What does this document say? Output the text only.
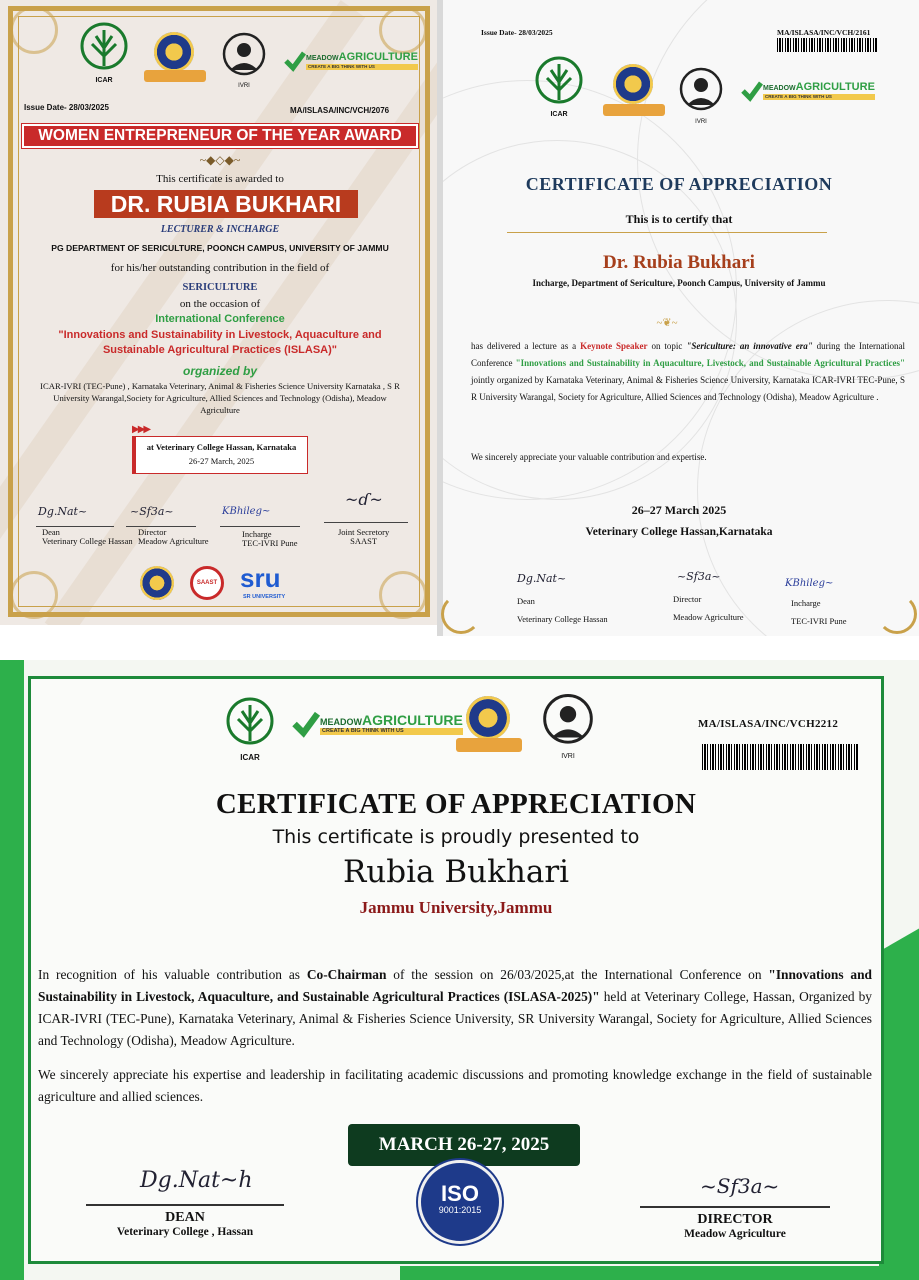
ICAR
IVRI
MEADOWAGRICULTURE
CREATE A BIG THINK WITH US
Issue Date- 28/03/2025	MA/ISLASA/INC/VCH/2076
WOMEN ENTREPRENEUR OF THE YEAR AWARD
~◆◇◆~
This certificate is awarded to
DR. RUBIA BUKHARI
LECTURER & INCHARGE
PG DEPARTMENT OF SERICULTURE, POONCH CAMPUS, UNIVERSITY OF JAMMU
for his/her outstanding contribution in the field of
SERICULTURE
on the occasion of
International Conference
"Innovations and Sustainability in Livestock, Aquaculture and Sustainable Agricultural Practices (ISLASA)"
organized by
ICAR-IVRI (TEC-Pune) , Karnataka Veterinary, Animal & Fisheries Science University Karnataka , S R University Warangal,Society for Agriculture, Allied Sciences and Technology (Odisha), Meadow Agriculture
▶▶▶
at Veterinary College Hassan, Karnataka
26-27 March, 2025
Dg.Nat~	~Sf3a~	KBhileg~
~ɗ~
Dean
Veterinary College Hassan
Director
Meadow Agriculture
Incharge
TEC-IVRI Pune
Joint Secretory
SAAST
SAAST sru
SR UNIVERSITY
Issue Date- 28/03/2025	MA/ISLASA/INC/VCH/2161
ICAR
IVRI
MEADOWAGRICULTURE
CREATE A BIG THINK WITH US
CERTIFICATE OF APPRECIATION
This is to certify that
Dr. Rubia Bukhari
Incharge, Department of Sericulture, Poonch Campus, University of Jammu
~❦~
has delivered a lecture as a Keynote Speaker on topic "Sericulture: an innovative era" during the International Conference "Innovations and Sustainability in Aquaculture, Livestock, and Sustainable Agricultural Practices" jointly organized by Karnataka Veterinary, Animal & Fisheries Science University, Karnataka ICAR-IVRI TEC-Pune, S R University Warangal, Society for Agriculture, Allied Sciences and Technology (Odisha), Meadow Agriculture .
We sincerely appreciate your valuable contribution and expertise.
26–27 March 2025
Veterinary College Hassan,Karnataka
Dg.Nat~	~Sf3a~
KBhileg~
Dean
Veterinary College Hassan
Director
Meadow Agriculture
Incharge
TEC-IVRI Pune
ICAR
MEADOWAGRICULTURE
CREATE A BIG THINK WITH US
IVRI
MA/ISLASA/INC/VCH2212
CERTIFICATE OF APPRECIATION
This certificate is proudly presented to
Rubia Bukhari
Jammu University,Jammu
In recognition of his valuable contribution as Co-Chairman of the session on 26/03/2025,at the International Conference on "Innovations and Sustainability in Livestock, Aquaculture, and Sustainable Agricultural Practices (ISLASA-2025)" held at Veterinary College, Hassan, Organized by ICAR-IVRI (TEC-Pune), Karnataka Veterinary, Animal & Fisheries Science University, SR University Warangal, Society for Agriculture, Allied Sciences and Technology (Odisha), Meadow Agriculture.
We sincerely appreciate his expertise and leadership in facilitating academic discussions and promoting knowledge exchange in the field of sustainable agriculture and allied sciences.
MARCH 26-27, 2025
Dg.Nat~h
DEAN
Veterinary College , Hassan
ISO
9001:2015
~Sf3a~
DIRECTOR
Meadow Agriculture
